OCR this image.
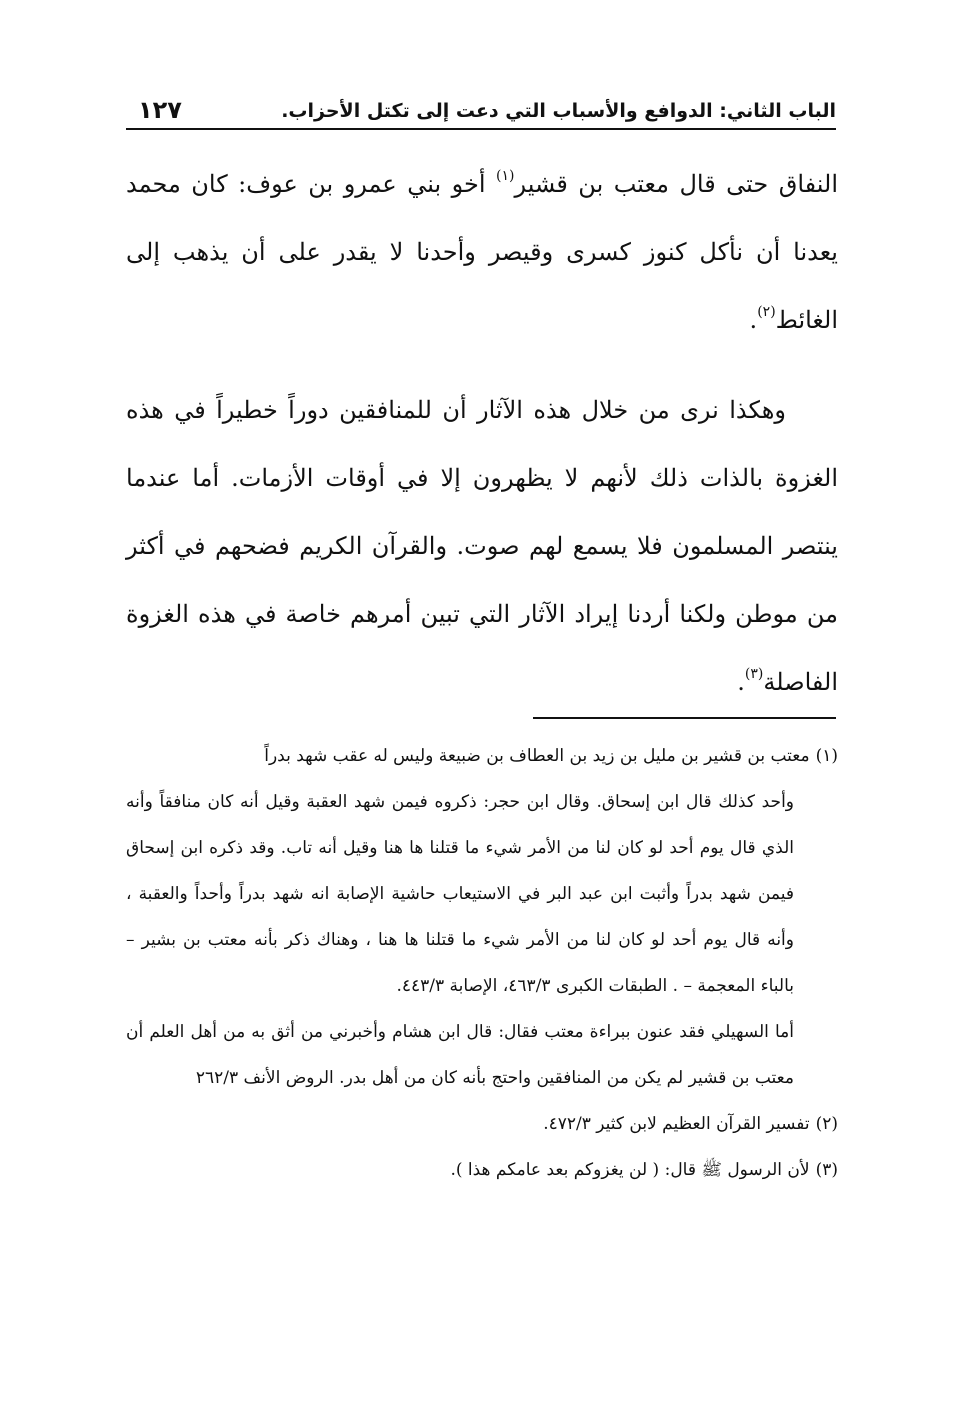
الباب الثاني: الدوافع والأسباب التي دعت إلى تكتل الأحزاب.
١٢٧

النفاق حتى قال معتب بن قشير$^{(١)}$ أخو بني عمرو بن عوف: كان محمد يعدنا أن نأكل كنوز كسرى وقيصر وأحدنا لا يقدر على أن يذهب إلى الغائط$^{(٢)}$.

وهكذا نرى من خلال هذه الآثار أن للمنافقين دوراً خطيراً في هذه الغزوة بالذات ذلك لأنهم لا يظهرون إلا في أوقات الأزمات. أما عندما ينتصر المسلمون فلا يسمع لهم صوت. والقرآن الكريم فضحهم في أكثر من موطن ولكنا أردنا إيراد الآثار التي تبين أمرهم خاصة في هذه الغزوة الفاصلة$^{(٣)}$.

(١)معتب بن قشير بن مليل بن زيد بن العطاف بن ضبيعة وليس له عقب شهد بدراً

وأحد كذلك قال ابن إسحاق. وقال ابن حجر: ذكروه فيمن شهد العقبة وقيل أنه كان منافقاً وأنه الذي قال يوم أحد لو كان لنا من الأمر شيء ما قتلنا ها هنا وقيل أنه تاب. وقد ذكره ابن إسحاق فيمن شهد بدراً وأثبت ابن عبد البر في الاستيعاب حاشية الإصابة انه شهد بدراً وأحداً والعقبة ، وأنه قال يوم أحد لو كان لنا من الأمر شيء ما قتلنا ها هنا ، وهناك ذكر بأنه معتب بن بشير – بالباء المعجمة – . الطبقات الكبرى ٤٦٣/٣، الإصابة ٤٤٣/٣.

أما السهيلي فقد عنون ببراءة معتب فقال: قال ابن هشام وأخبرني من أثق به من أهل العلم أن معتب بن قشير لم يكن من المنافقين واحتج بأنه كان من أهل بدر. الروض الأنف ٢٦٢/٣

(٢)تفسير القرآن العظيم لابن كثير ٤٧٢/٣.

(٣)لأن الرسول ﷺ قال: ( لن يغزوكم بعد عامكم هذا ).
